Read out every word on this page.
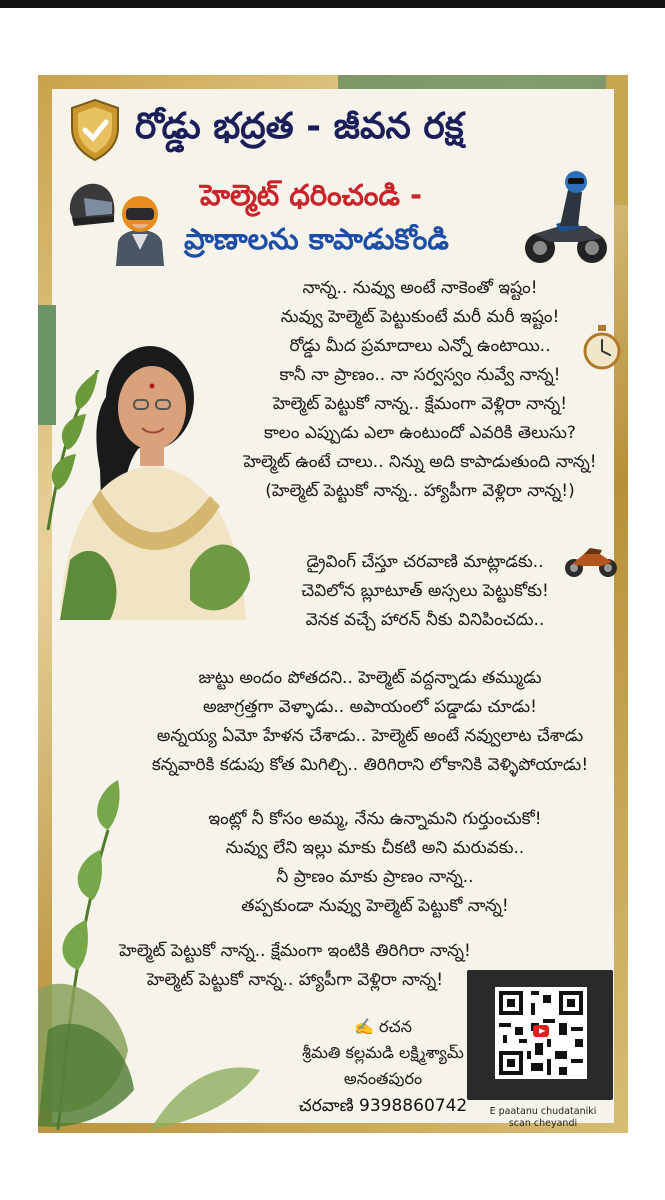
రోడ్డు భద్రత - జీవన రక్ష
హెల్మెట్ ధరించండి -
ప్రాణాలను కాపాడుకోండి
నాన్న.. నువ్వు అంటే నాకెంతో ఇష్టం!
నువ్వు హెల్మెట్ పెట్టుకుంటే మరీ మరీ ఇష్టం!
రోడ్డు మీద ప్రమాదాలు ఎన్నో ఉంటాయి..
కానీ నా ప్రాణం.. నా సర్వస్వం నువ్వే నాన్న!
హెల్మెట్ పెట్టుకో నాన్న.. క్షేమంగా వెళ్లిరా నాన్న!
కాలం ఎప్పుడు ఎలా ఉంటుందో ఎవరికి తెలుసు?
హెల్మెట్ ఉంటే చాలు.. నిన్ను అది కాపాడుతుంది నాన్న!
(హెల్మెట్ పెట్టుకో నాన్న.. హ్యాపీగా వెళ్లిరా నాన్న!)
డ్రైవింగ్ చేస్తూ చరవాణి మాట్లాడకు..
చెవిలోన బ్లూటూత్ అస్సలు పెట్టుకోకు!
వెనక వచ్చే హారన్ నీకు వినిపించదు..
జుట్టు అందం పోతదని.. హెల్మెట్ వద్దన్నాడు తమ్ముడు
అజాగ్రత్తగా వెళ్ళాడు.. అపాయంలో పడ్డాడు చూడు!
అన్నయ్య ఏమో హేళన చేశాడు.. హెల్మెట్ అంటే నవ్వులాట చేశాడు
కన్నవారికి కడుపు కోత మిగిల్చి.. తిరిగిరాని లోకానికి వెళ్ళిపోయాడు!
ఇంట్లో నీ కోసం అమ్మ, నేను ఉన్నామని గుర్తుంచుకో!
నువ్వు లేని ఇల్లు మాకు చీకటి అని మరువకు..
నీ ప్రాణం మాకు ప్రాణం నాన్న..
తప్పకుండా నువ్వు హెల్మెట్ పెట్టుకో నాన్న!
హెల్మెట్ పెట్టుకో నాన్న.. క్షేమంగా ఇంటికి తిరిగిరా నాన్న!
హెల్మెట్ పెట్టుకో నాన్న.. హ్యాపీగా వెళ్లిరా నాన్న!
✍️ రచన
శ్రీమతి కల్లమడి లక్ష్మిశ్యామ్
అనంతపురం
చరవాణి 9398860742	E paatanu chudataniki
scan cheyandi
